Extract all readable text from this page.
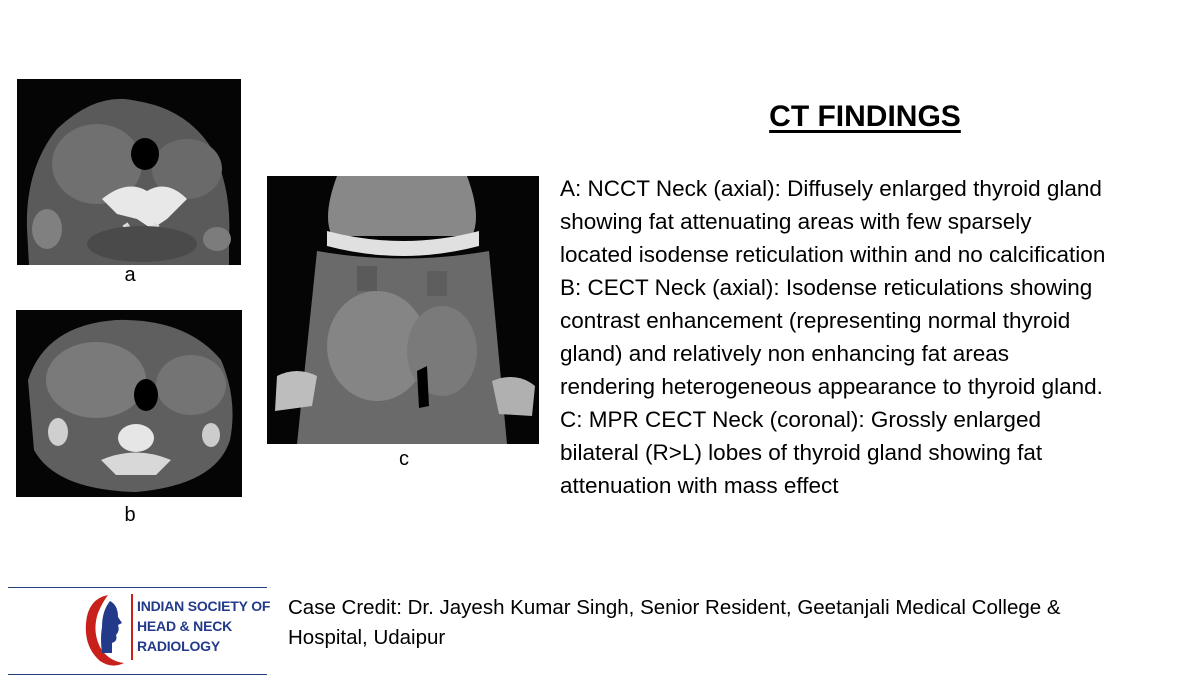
a
b
c
CT FINDINGS
A: NCCT Neck (axial): Diffusely enlarged thyroid gland
showing fat attenuating areas with few sparsely
located isodense reticulation within and no calcification
B: CECT Neck (axial): Isodense reticulations showing
contrast enhancement (representing normal thyroid
gland) and relatively non enhancing fat areas
rendering heterogeneous appearance to thyroid gland.
C: MPR CECT Neck (coronal): Grossly enlarged
bilateral (R>L) lobes of thyroid gland showing fat
attenuation with mass effect
INDIAN SOCIETY OF
HEAD & NECK
RADIOLOGY
Case Credit: Dr. Jayesh Kumar Singh, Senior Resident, Geetanjali Medical College &
Hospital, Udaipur
